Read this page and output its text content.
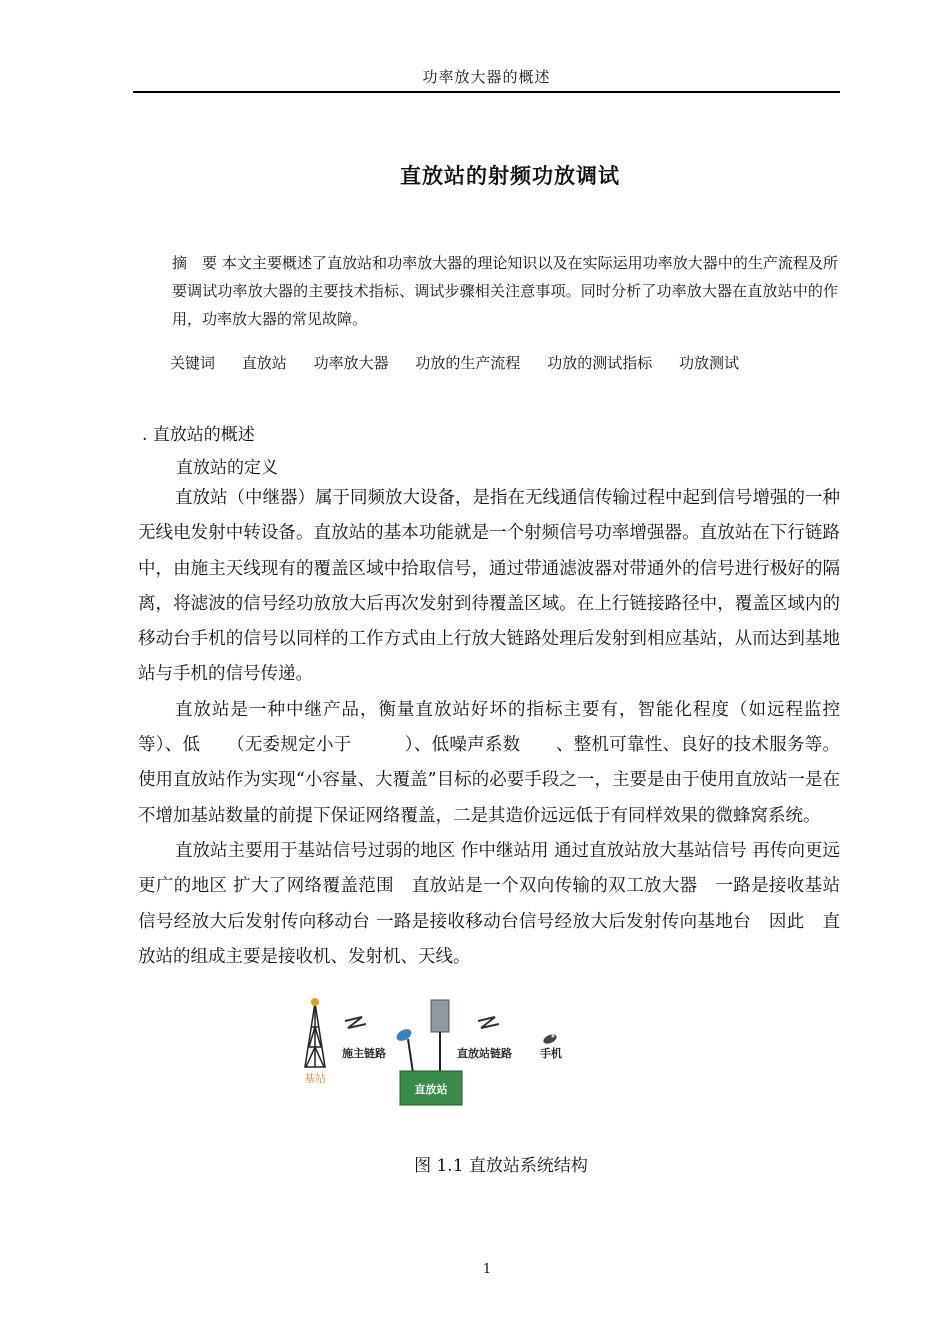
功率放大器的概述
直放站的射频功放调试
摘　要 本文主要概述了直放站和功率放大器的理论知识以及在实际运用功率放大器中的生产流程及所要调试功率放大器的主要技术指标、调试步骤相关注意事项。同时分析了功率放大器在直放站中的作用，功率放大器的常见故障。
关键词 直放站 功率放大器 功放的生产流程 功放的测试指标 功放测试
. 直放站的概述
直放站的定义

直放站（中继器）属于同频放大设备，是指在无线通信传输过程中起到信号增强的一种无线电发射中转设备。直放站的基本功能就是一个射频信号功率增强器。直放站在下行链路中，由施主天线现有的覆盖区域中拾取信号，通过带通滤波器对带通外的信号进行极好的隔离，将滤波的信号经功放放大后再次发射到待覆盖区域。在上行链接路径中，覆盖区域内的移动台手机的信号以同样的工作方式由上行放大链路处理后发射到相应基站，从而达到基地站与手机的信号传递。

直放站是一种中继产品，衡量直放站好坏的指标主要有，智能化程度（如远程监控等）、低　　（无委规定小于　　　）、低噪声系数　　、整机可靠性、良好的技术服务等。 使用直放站作为实现“小容量、大覆盖”目标的必要手段之一，主要是由于使用直放站一是在不增加基站数量的前提下保证网络覆盖，二是其造价远远低于有同样效果的微蜂窝系统。

直放站主要用于基站信号过弱的地区 作中继站用 通过直放站放大基站信号 再传向更远更广的地区 扩大了网络覆盖范围　直放站是一个双向传输的双工放大器　一路是接收基站信号经放大后发射传向移动台 一路是接收移动台信号经放大后发射传向基地台　因此　直放站的组成主要是接收机、发射机、天线。

基站
施主链路
直放站
直放站链路	手机
图 1.1 直放站系统结构
1
